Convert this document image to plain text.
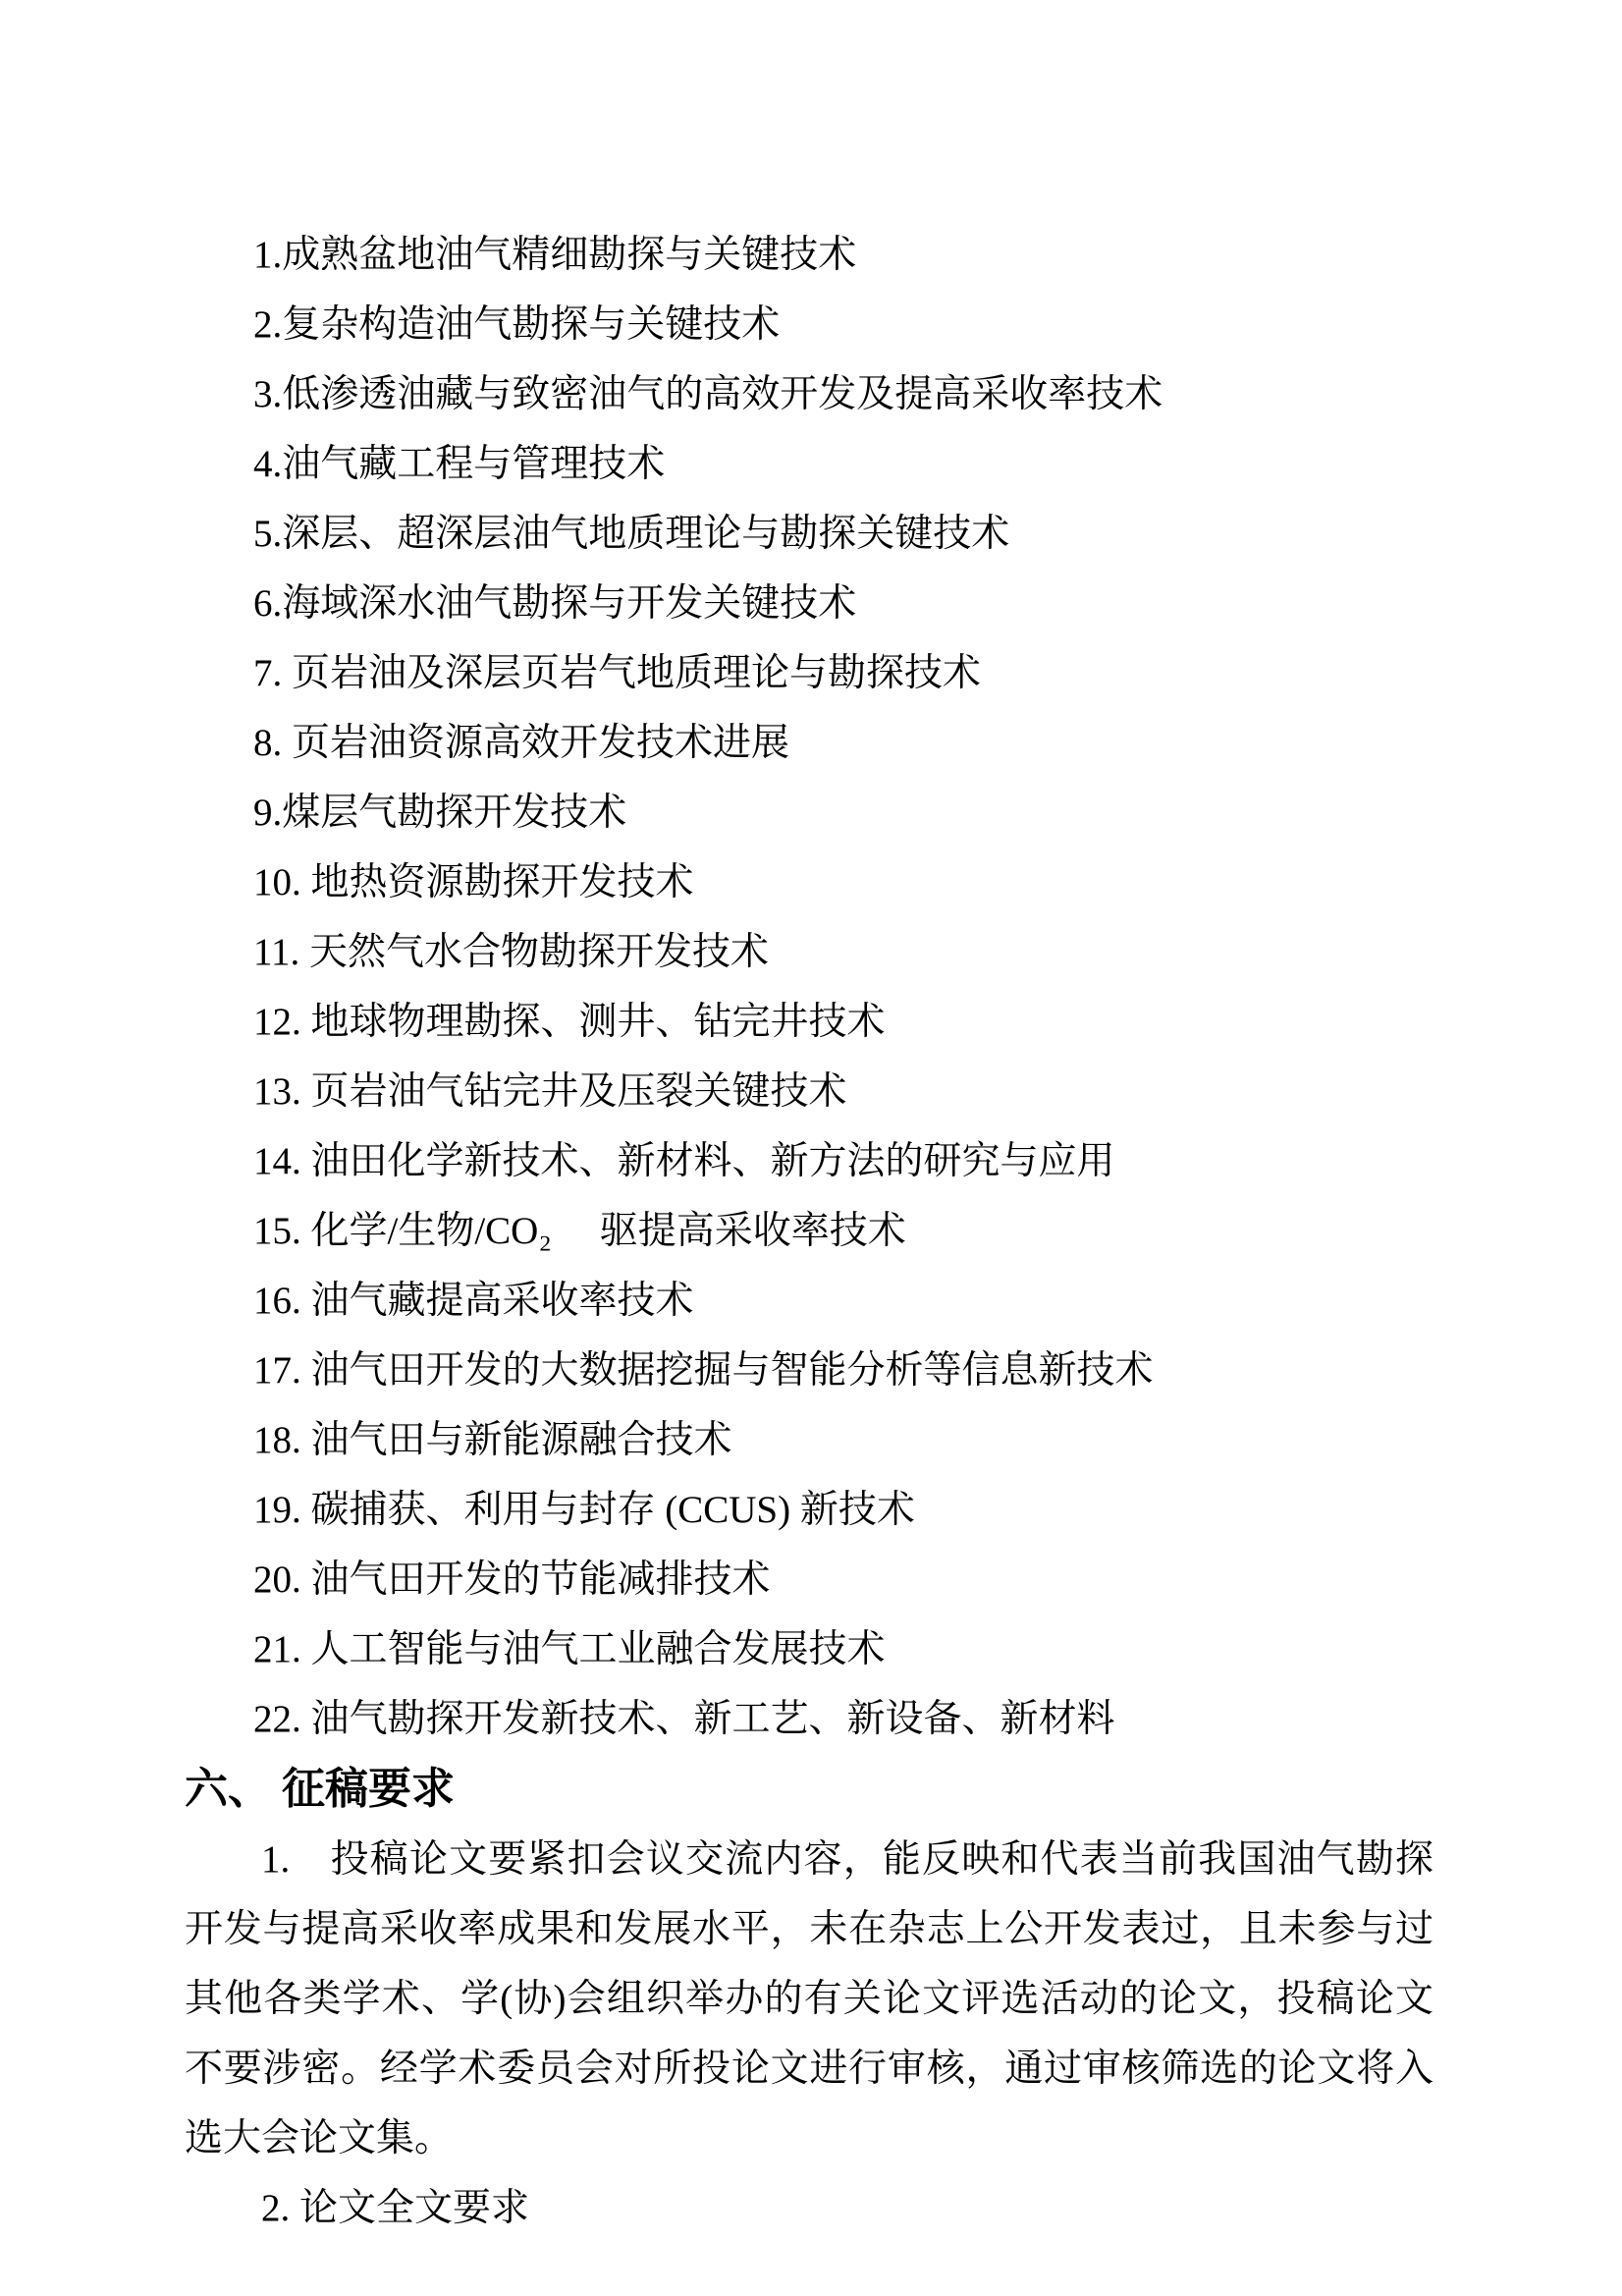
1.成熟盆地油气精细勘探与关键技术
2.复杂构造油气勘探与关键技术
3.低渗透油藏与致密油气的高效开发及提高采收率技术
4.油气藏工程与管理技术
5.深层、超深层油气地质理论与勘探关键技术
6.海域深水油气勘探与开发关键技术
7. 页岩油及深层页岩气地质理论与勘探技术
8. 页岩油资源高效开发技术进展
9.煤层气勘探开发技术
10. 地热资源勘探开发技术
11. 天然气水合物勘探开发技术
12. 地球物理勘探、测井、钻完井技术
13. 页岩油气钻完井及压裂关键技术
14. 油田化学新技术、新材料、新方法的研究与应用
15. 化学/生物/CO₂　 驱提高采收率技术
16. 油气藏提高采收率技术
17. 油气田开发的大数据挖掘与智能分析等信息新技术
18. 油气田与新能源融合技术
19. 碳捕获、利用与封存 (CCUS) 新技术
20. 油气田开发的节能减排技术
21. 人工智能与油气工业融合发展技术
22. 油气勘探开发新技术、新工艺、新设备、新材料
六、 征稿要求

1.　投稿论文要紧扣会议交流内容，能反映和代表当前我国油气勘探开发与提高采收率成果和发展水平，未在杂志上公开发表过，且未参与过其他各类学术、学(协)会组织举办的有关论文评选活动的论文，投稿论文不要涉密。经学术委员会对所投论文进行审核，通过审核筛选的论文将入选大会论文集。

2. 论文全文要求
